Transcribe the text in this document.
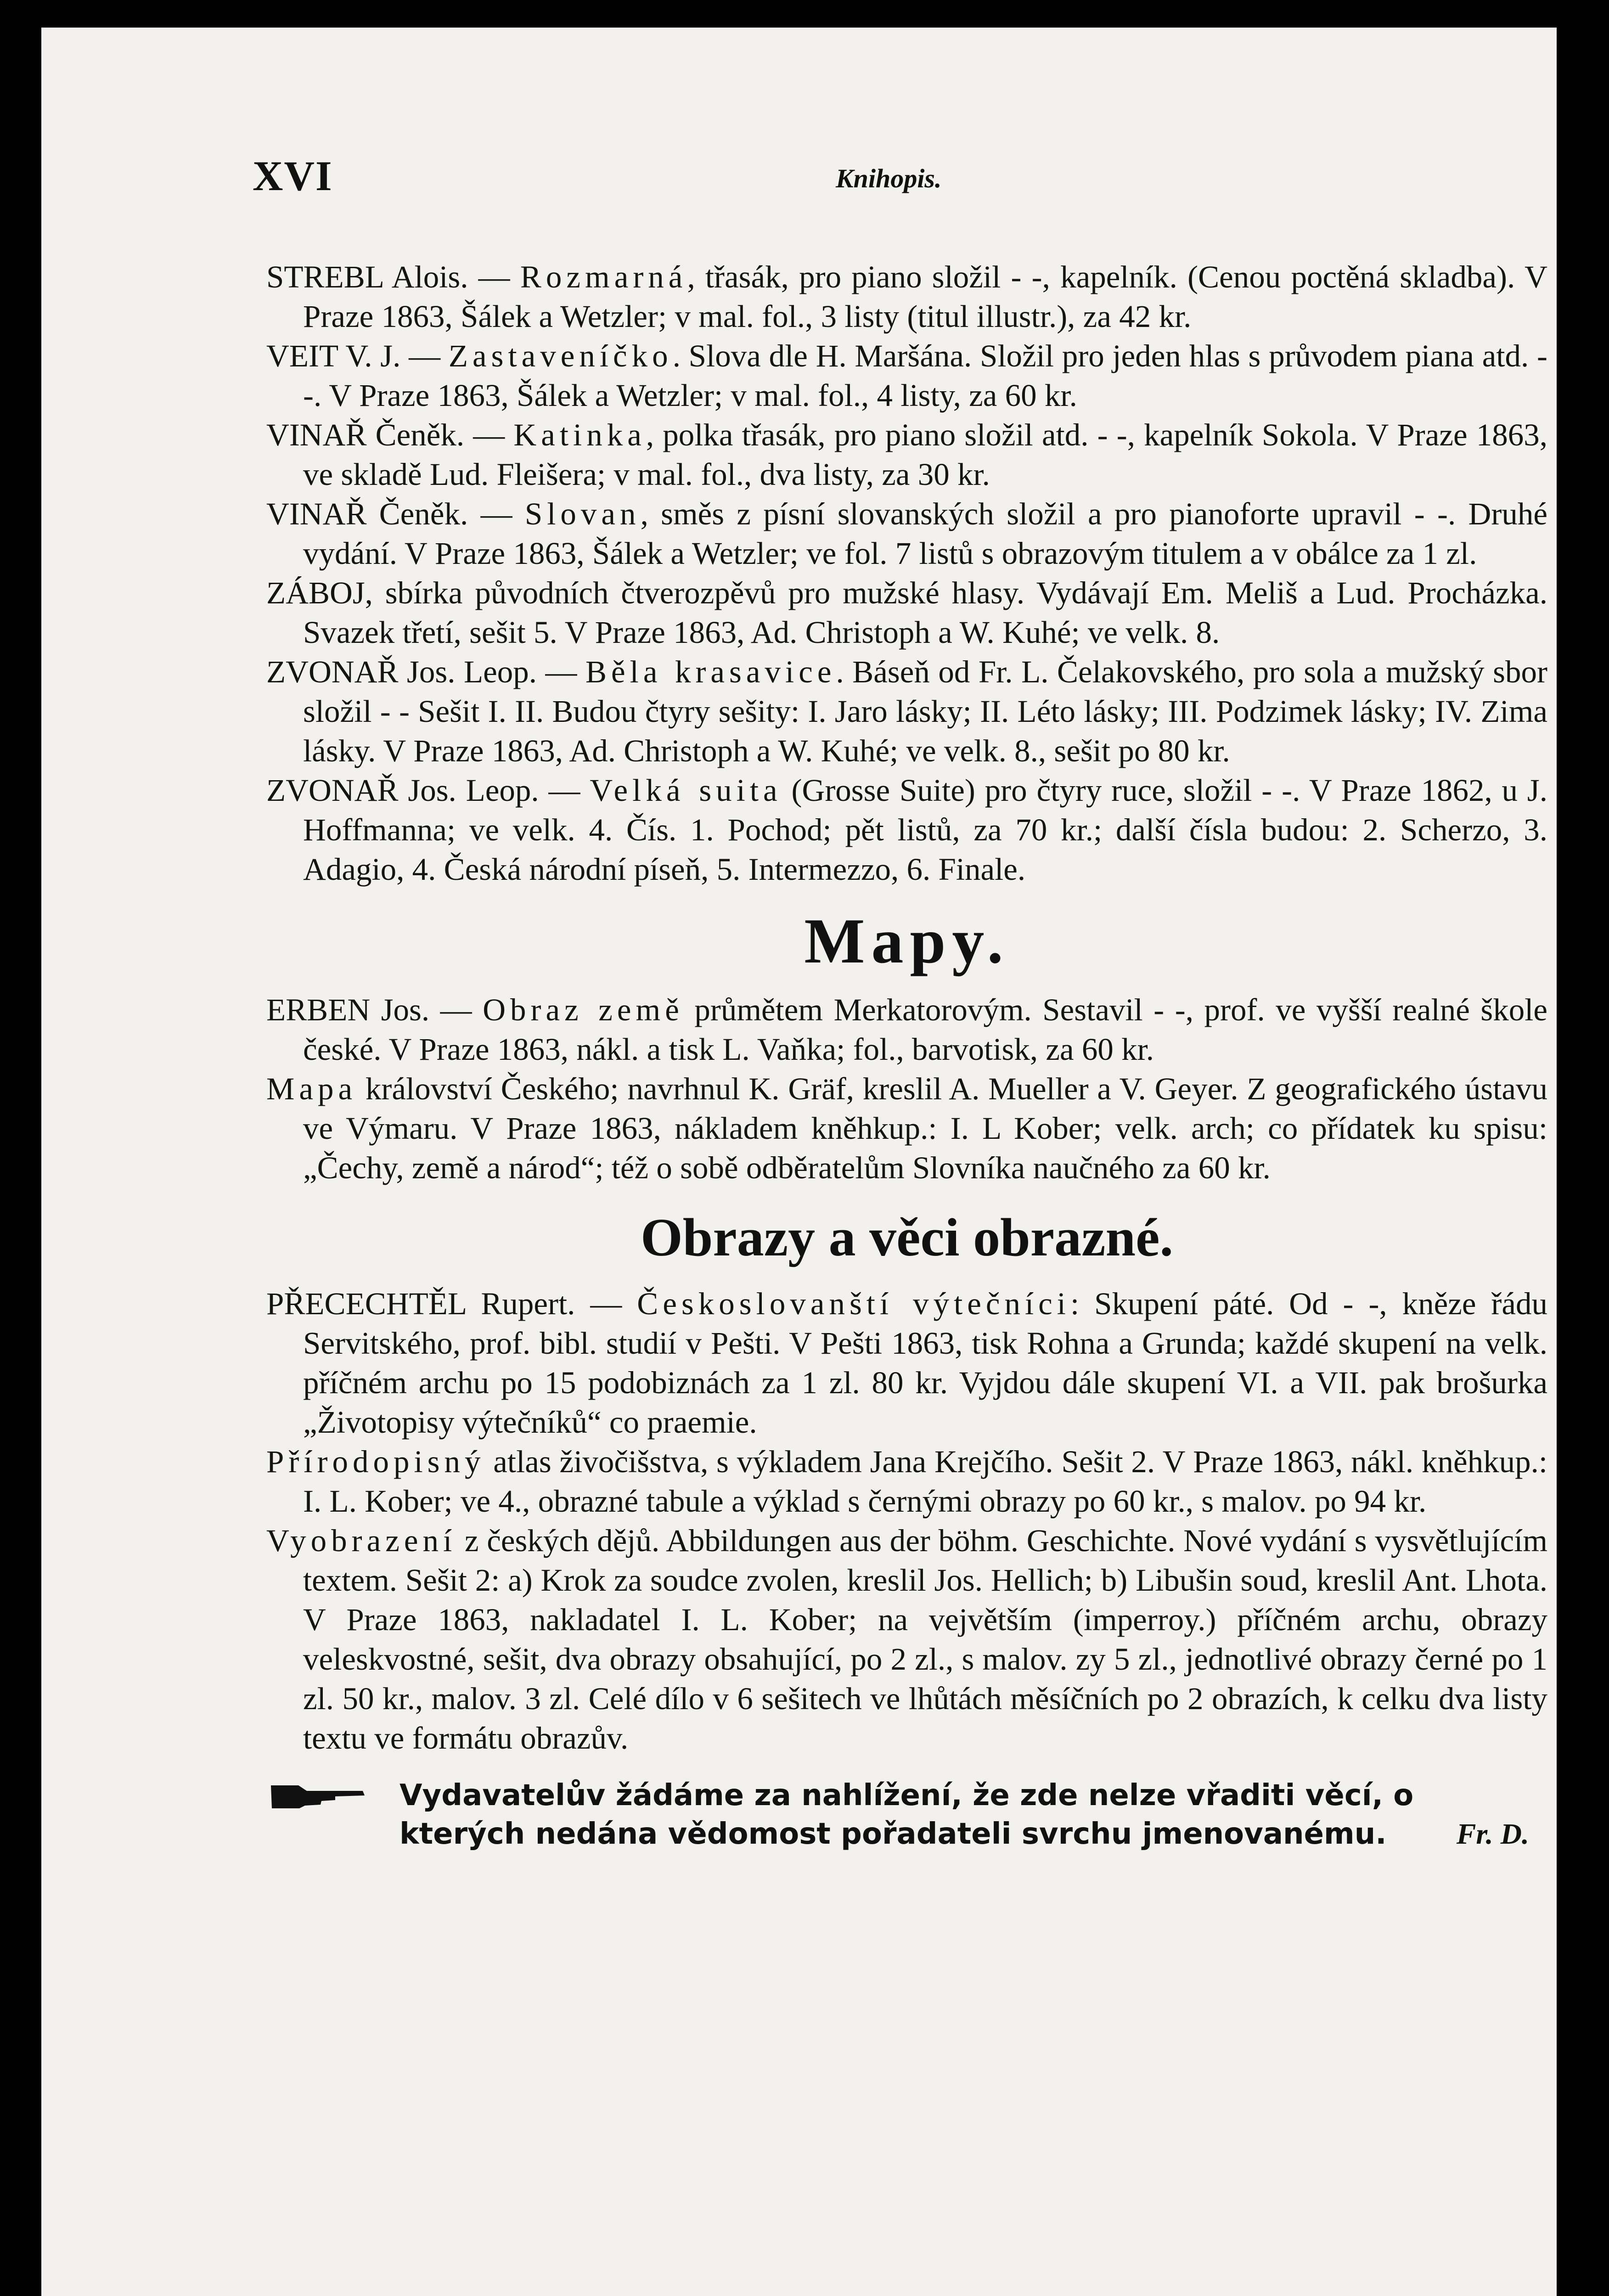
XVI	Knihopis.

STREBL Alois. — Rozmarná, třasák, pro piano složil - -, kapelník. (Cenou poctěná skladba). V Praze 1863, Šálek a Wetzler; v mal. fol., 3 listy (titul illustr.), za 42 kr.

VEIT V. J. — Zastaveníčko. Slova dle H. Maršána. Složil pro jeden hlas s průvodem piana atd. - -. V Praze 1863, Šálek a Wetzler; v mal. fol., 4 listy, za 60 kr.

VINAŘ Čeněk. — Katinka, polka třasák, pro piano složil atd. - -, kapelník Sokola. V Praze 1863, ve skladě Lud. Fleišera; v mal. fol., dva listy, za 30 kr.

VINAŘ Čeněk. — Slovan, směs z písní slovanských složil a pro pianoforte upravil - -. Druhé vydání. V Praze 1863, Šálek a Wetzler; ve fol. 7 listů s obrazovým titulem a v obálce za 1 zl.

ZÁBOJ, sbírka původních čtverozpěvů pro mužské hlasy. Vydávají Em. Meliš a Lud. Procházka. Svazek třetí, sešit 5. V Praze 1863, Ad. Christoph a W. Kuhé; ve velk. 8.

ZVONAŘ Jos. Leop. — Běla krasavice. Báseň od Fr. L. Čelakovského, pro sola a mužský sbor složil - - Sešit I. II. Budou čtyry sešity: I. Jaro lásky; II. Léto lásky; III. Podzimek lásky; IV. Zima lásky. V Praze 1863, Ad. Christoph a W. Kuhé; ve velk. 8., sešit po 80 kr.

ZVONAŘ Jos. Leop. — Velká suita (Grosse Suite) pro čtyry ruce, složil - -. V Praze 1862, u J. Hoffmanna; ve velk. 4. Čís. 1. Pochod; pět listů, za 70 kr.; další čísla budou: 2. Scherzo, 3. Adagio, 4. Česká národní píseň, 5. Intermezzo, 6. Finale.

Mapy.

ERBEN Jos. — Obraz země průmětem Merkatorovým. Sestavil - -, prof. ve vyšší realné škole české. V Praze 1863, nákl. a tisk L. Vaňka; fol., barvotisk, za 60 kr.

Mapa království Českého; navrhnul K. Gräf, kreslil A. Mueller a V. Geyer. Z geografického ústavu ve Výmaru. V Praze 1863, nákladem kněhkup.: I. L Kober; velk. arch; co přídatek ku spisu: „Čechy, země a národ“; též o sobě odběratelům Slovníka naučného za 60 kr.

Obrazy a věci obrazné.

PŘECECHTĚL Rupert. — Českoslovanští výtečníci: Skupení páté. Od - -, kněze řádu Servitského, prof. bibl. studií v Pešti. V Pešti 1863, tisk Rohna a Grunda; každé skupení na velk. příčném archu po 15 podobiznách za 1 zl. 80 kr. Vyjdou dále skupení VI. a VII. pak brošurka „Životopisy výtečníků“ co praemie.

Přírodopisný atlas živočišstva, s výkladem Jana Krejčího. Sešit 2. V Praze 1863, nákl. kněhkup.: I. L. Kober; ve 4., obrazné tabule a výklad s černými obrazy po 60 kr., s malov. po 94 kr.

Vyobrazení z českých dějů. Abbildungen aus der böhm. Geschichte. Nové vydání s vysvětlujícím textem. Sešit 2: a) Krok za soudce zvolen, kreslil Jos. Hellich; b) Libušin soud, kreslil Ant. Lhota. V Praze 1863, nakladatel I. L. Kober; na vejvětším (imperroy.) příčném archu, obrazy veleskvostné, sešit, dva obrazy obsahující, po 2 zl., s malov. zy 5 zl., jednotlivé obrazy černé po 1 zl. 50 kr., malov. 3 zl. Celé dílo v 6 sešitech ve lhůtách měsíčních po 2 obrazích, k celku dva listy textu ve formátu obrazův.

Vydavatelův žádáme za nahlížení, že zde nelze vřaditi věcí, o kterých nedána vědomost pořadateli svrchu jmenovanému. Fr. D.
